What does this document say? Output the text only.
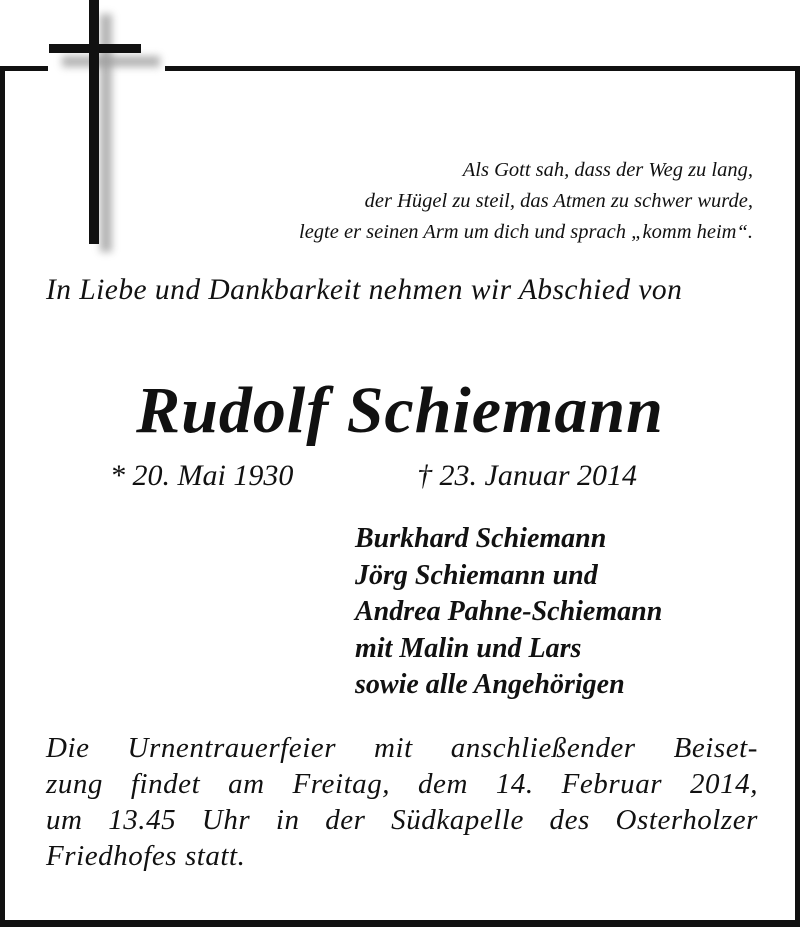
Als Gott sah, dass der Weg zu lang,
der Hügel zu steil, das Atmen zu schwer wurde,
legte er seinen Arm um dich und sprach „komm heim“.
In Liebe und Dankbarkeit nehmen wir Abschied von
Rudolf Schiemann
* 20. Mai 1930	† 23. Januar 2014
Burkhard Schiemann
Jörg Schiemann und
Andrea Pahne-Schiemann
mit Malin und Lars
sowie alle Angehörigen
Die Urnentrauerfeier mit anschließender Beiset-
zung findet am Freitag, dem 14. Februar 2014,
um 13.45 Uhr in der Südkapelle des Osterholzer
Friedhofes statt.
